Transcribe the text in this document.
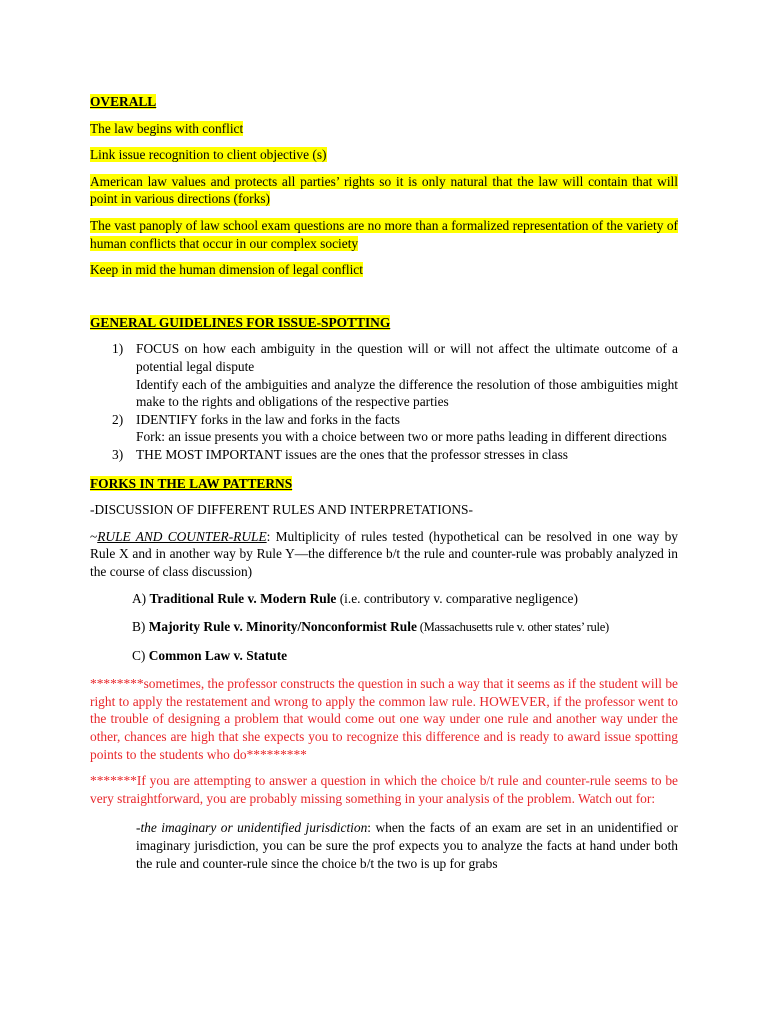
OVERALL

The law begins with conflict

Link issue recognition to client objective (s)

American law values and protects all parties’ rights so it is only natural that the law will contain that will point in various directions (forks)

The vast panoply of law school exam questions are no more than a formalized representation of the variety of human conflicts that occur in our complex society

Keep in mid the human dimension of legal conflict

GENERAL GUIDELINES FOR ISSUE-SPOTTING

1) FOCUS on how each ambiguity in the question will or will not affect the ultimate outcome of a potential legal dispute
Identify each of the ambiguities and analyze the difference the resolution of those ambiguities might make to the rights and obligations of the respective parties
2) IDENTIFY forks in the law and forks in the facts
Fork: an issue presents you with a choice between two or more paths leading in different directions
3) THE MOST IMPORTANT issues are the ones that the professor stresses in class

FORKS IN THE LAW PATTERNS

-DISCUSSION OF DIFFERENT RULES AND INTERPRETATIONS-

~RULE AND COUNTER-RULE: Multiplicity of rules tested (hypothetical can be resolved in one way by Rule X and in another way by Rule Y—the difference b/t the rule and counter-rule was probably analyzed in the course of class discussion)

A) Traditional Rule v. Modern Rule (i.e. contributory v. comparative negligence)

B) Majority Rule v. Minority/Nonconformist Rule (Massachusetts rule v. other states’ rule)

C) Common Law v. Statute

********sometimes, the professor constructs the question in such a way that it seems as if the student will be right to apply the restatement and wrong to apply the common law rule. HOWEVER, if the professor went to the trouble of designing a problem that would come out one way under one rule and another way under the other, chances are high that she expects you to recognize this difference and is ready to award issue spotting points to the students who do*********

*******If you are attempting to answer a question in which the choice b/t rule and counter-rule seems to be very straightforward, you are probably missing something in your analysis of the problem. Watch out for:

-the imaginary or unidentified jurisdiction: when the facts of an exam are set in an unidentified or imaginary jurisdiction, you can be sure the prof expects you to analyze the facts at hand under both the rule and counter-rule since the choice b/t the two is up for grabs
